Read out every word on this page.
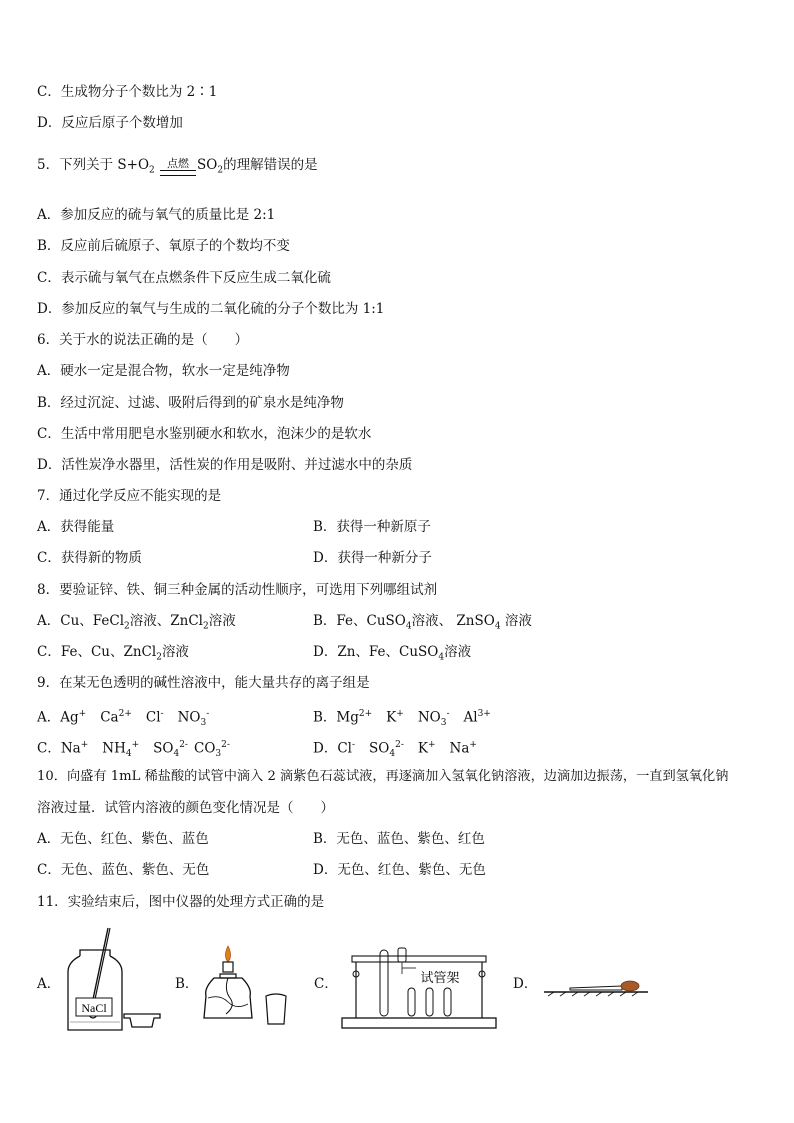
C．生成物分子个数比为 2∶1
D．反应后原子个数增加
5．下列关于 $S+O_2$
点燃 $SO_2$的理解错误的是
A．参加反应的硫与氧气的质量比是 2:1
B．反应前后硫原子、氧原子的个数均不变
C．表示硫与氧气在点燃条件下反应生成二氧化硫
D．参加反应的氧气与生成的二氧化硫的分子个数比为 1:1
6．关于水的说法正确的是（　　）
A．硬水一定是混合物，软水一定是纯净物
B．经过沉淀、过滤、吸附后得到的矿泉水是纯净物
C．生活中常用肥皂水鉴别硬水和软水，泡沫少的是软水
D．活性炭净水器里，活性炭的作用是吸附、并过滤水中的杂质
7．通过化学反应不能实现的是
A．获得能量	B．获得一种新原子
C．获得新的物质	D．获得一种新分子
8．要验证锌、铁、铜三种金属的活动性顺序，可选用下列哪组试剂
A．Cu、FeCl$_2$溶液、ZnCl$_2$溶液	B．Fe、CuSO$_4$溶液、 ZnSO$_4$ 溶液
C．Fe、Cu、ZnCl$_2$溶液	D．Zn、Fe、CuSO$_4$溶液
9．在某无色透明的碱性溶液中，能大量共存的离子组是
A．Ag+ $Ca^{2+}$ Cl- $NO_3^-$	B．$Mg^{2+}$ K+ $NO_3^-$ $Al^{3+}$
C．Na+ $NH_4^+$ $SO_4^{2-}$ $CO_3^{2-}$	D．Cl- $SO_4^{2-}$ K+ Na+
10．向盛有 1mL 稀盐酸的试管中滴入 2 滴紫色石蕊试液，再逐滴加入氢氧化钠溶液，边滴加边振荡，一直到氢氧化钠
溶液过量．试管内溶液的颜色变化情况是（　　）
A．无色、红色、紫色、蓝色	B．无色、蓝色、紫色、红色
C．无色、蓝色、紫色、无色	D．无色、红色、紫色、无色
11．实验结束后，图中仪器的处理方式正确的是
A．
NaCl
B．	C．	试管架	D．
